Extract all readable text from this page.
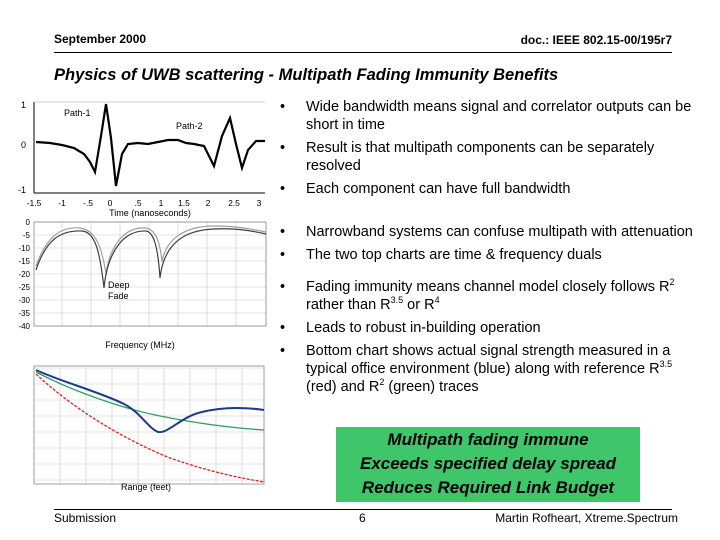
September 2000	doc.: IEEE 802.15-00/195r7
Physics of UWB scattering - Multipath Fading Immunity Benefits
1
0
-1
Path-1
Path-2
-1.5 -1 -.5 0	.5 1 1.5 2 2.5 3
Time (nanoseconds)
0
-5
-10
-15
-20
-25
-30
-35
-40
Deep
Fade
Frequency (MHz)
Range (feet)
• Wide bandwidth means signal and correlator outputs can be short in time
• Result is that multipath components can be separately resolved
• Each component can have full bandwidth
• Narrowband systems can confuse multipath with attenuation
• The two top charts are time & frequency duals
• Fading immunity means channel model closely follows $R^2$ rather than $R^{3.5}$ or $R^4$
• Leads to robust in-building operation
• Bottom chart shows actual signal strength measured in a typical office environment (blue) along with reference $R^{3.5}$ (red) and $R^2$ (green) traces
Multipath fading immune
Exceeds specified delay spread
Reduces Required Link Budget
Submission	6	Martin Rofheart, Xtreme.Spectrum
